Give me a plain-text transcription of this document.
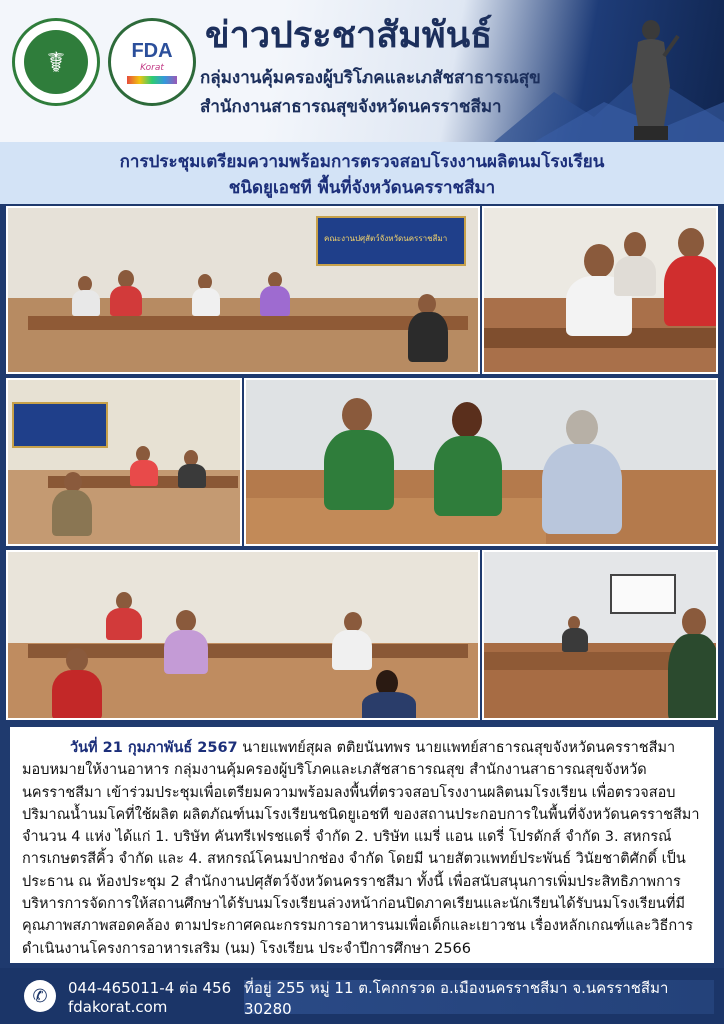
☤	FDA
Korat
ข่าวประชาสัมพันธ์
กลุ่มงานคุ้มครองผู้บริโภคและเภสัชสาธารณสุข
สำนักงานสาธารณสุขจังหวัดนครราชสีมา
การประชุมเตรียมความพร้อมการตรวจสอบโรงงานผลิตนมโรงเรียน
ชนิดยูเอชที พื้นที่จังหวัดนครราชสีมา
คณะงานปศุสัตว์จังหวัดนครราชสีมา

วันที่ 21 กุมภาพันธ์ 2567 นายแพทย์สุผล ตติยนันทพร นายแพทย์สาธารณสุขจังหวัดนครราชสีมา มอบหมายให้งานอาหาร กลุ่มงานคุ้มครองผู้บริโภคและเภสัชสาธารณสุข สำนักงานสาธารณสุขจังหวัดนครราชสีมา เข้าร่วมประชุมเพื่อเตรียมความพร้อมลงพื้นที่ตรวจสอบโรงงานผลิตนมโรงเรียน เพื่อตรวจสอบปริมาณน้ำนมโคที่ใช้ผลิต ผลิตภัณฑ์นมโรงเรียนชนิดยูเอชที ของสถานประกอบการในพื้นที่จังหวัดนครราชสีมา จำนวน 4 แห่ง ได้แก่ 1. บริษัท คันทรีเฟรชแดรี่ จำกัด 2. บริษัท แมรี่ แอน แดรี่ โปรดักส์ จำกัด 3. สหกรณ์การเกษตรสีคิ้ว จำกัด และ 4. สหกรณ์โคนมปากช่อง จำกัด โดยมี นายสัตวแพทย์ประพันธ์ วินัยชาติศักดิ์ เป็นประธาน ณ ห้องประชุม 2 สำนักงานปศุสัตว์จังหวัดนครราชสีมา ทั้งนี้ เพื่อสนับสนุนการเพิ่มประสิทธิภาพการบริหารการจัดการให้สถานศึกษาได้รับนมโรงเรียนล่วงหน้าก่อนปิดภาคเรียนและนักเรียนได้รับนมโรงเรียนที่มีคุณภาพสภาพสอดคล้อง ตามประกาศคณะกรรมการอาหารนมเพื่อเด็กและเยาวชน เรื่องหลักเกณฑ์และวิธีการดำเนินงานโครงการอาหารเสริม (นม) โรงเรียน ประจำปีการศึกษา 2566

✆	044-465011-4 ต่อ 456
fdakorat.com
ที่อยู่ 255 หมู่ 11 ต.โคกกรวด อ.เมืองนครราชสีมา จ.นครราชสีมา 30280
